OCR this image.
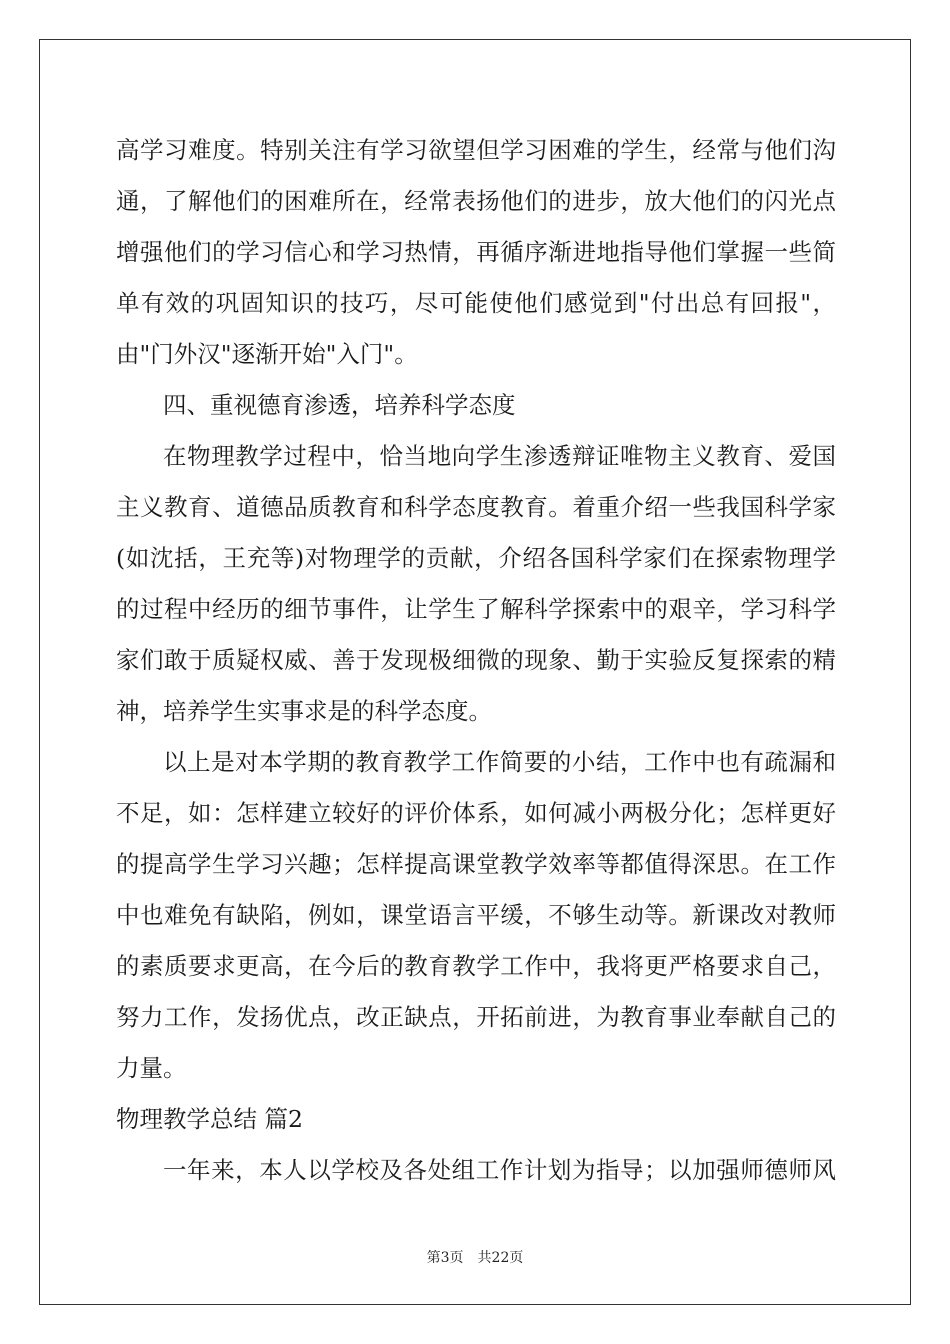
高学习难度。特别关注有学习欲望但学习困难的学生，经常与他们沟
通，了解他们的困难所在，经常表扬他们的进步，放大他们的闪光点
增强他们的学习信心和学习热情，再循序渐进地指导他们掌握一些简
单有效的巩固知识的技巧，尽可能使他们感觉到"付出总有回报"，
由"门外汉"逐渐开始"入门"。
四、重视德育渗透，培养科学态度
在物理教学过程中，恰当地向学生渗透辩证唯物主义教育、爱国
主义教育、道德品质教育和科学态度教育。着重介绍一些我国科学家
(如沈括，王充等)对物理学的贡献，介绍各国科学家们在探索物理学
的过程中经历的细节事件，让学生了解科学探索中的艰辛，学习科学
家们敢于质疑权威、善于发现极细微的现象、勤于实验反复探索的精
神，培养学生实事求是的科学态度。
以上是对本学期的教育教学工作简要的小结，工作中也有疏漏和
不足，如：怎样建立较好的评价体系，如何减小两极分化；怎样更好
的提高学生学习兴趣；怎样提高课堂教学效率等都值得深思。在工作
中也难免有缺陷，例如，课堂语言平缓，不够生动等。新课改对教师
的素质要求更高，在今后的教育教学工作中，我将更严格要求自己，
努力工作，发扬优点，改正缺点，开拓前进，为教育事业奉献自己的
力量。
物理教学总结 篇2
一年来，本人以学校及各处组工作计划为指导；以加强师德师风
第3页 共22页
